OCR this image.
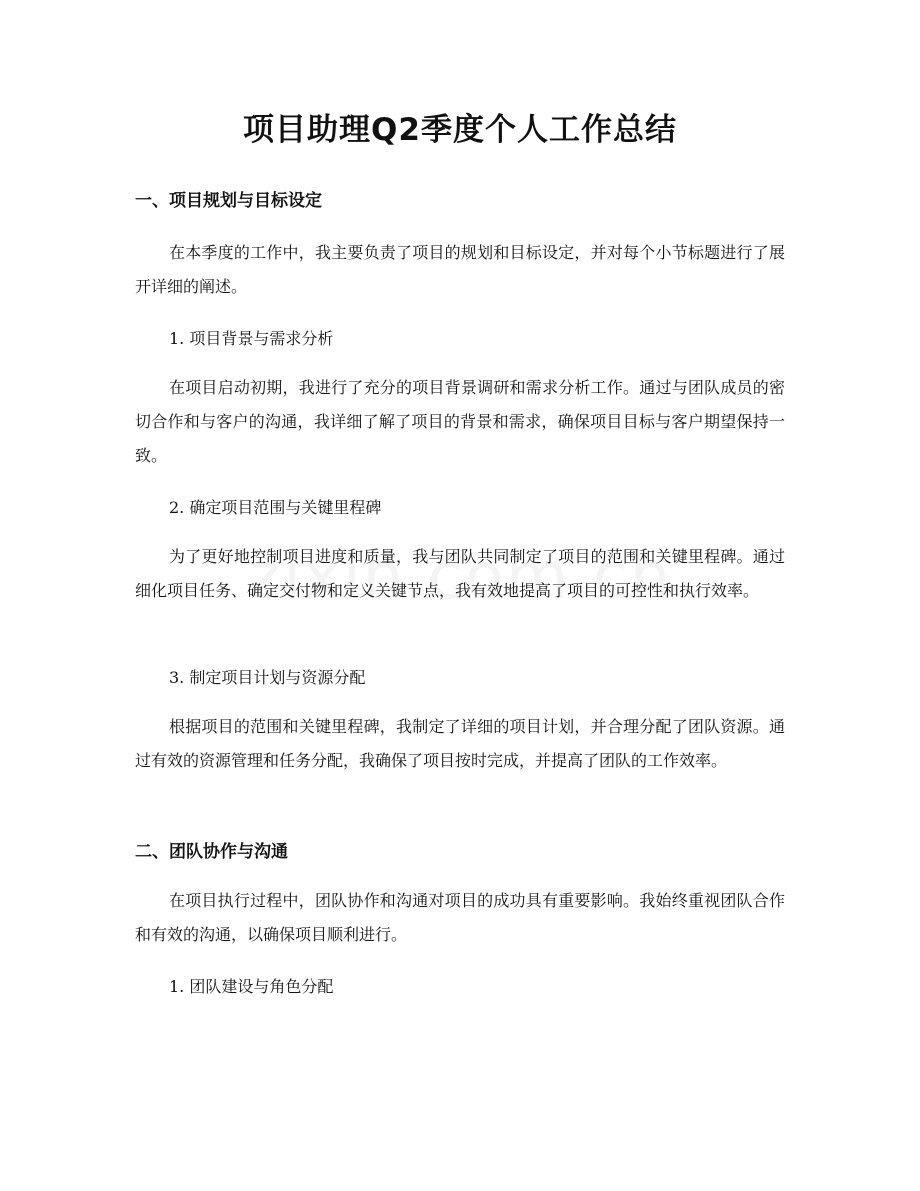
项目助理Q2季度个人工作总结
一、项目规划与目标设定

在本季度的工作中，我主要负责了项目的规划和目标设定，并对每个小节标题进行了展开详细的阐述。

1. 项目背景与需求分析

在项目启动初期，我进行了充分的项目背景调研和需求分析工作。通过与团队成员的密切合作和与客户的沟通，我详细了解了项目的背景和需求，确保项目目标与客户期望保持一致。

2. 确定项目范围与关键里程碑

为了更好地控制项目进度和质量，我与团队共同制定了项目的范围和关键里程碑。通过细化项目任务、确定交付物和定义关键节点，我有效地提高了项目的可控性和执行效率。

3. 制定项目计划与资源分配

根据项目的范围和关键里程碑，我制定了详细的项目计划，并合理分配了团队资源。通过有效的资源管理和任务分配，我确保了项目按时完成，并提高了团队的工作效率。

二、团队协作与沟通

在项目执行过程中，团队协作和沟通对项目的成功具有重要影响。我始终重视团队合作和有效的沟通，以确保项目顺利进行。

1. 团队建设与角色分配
